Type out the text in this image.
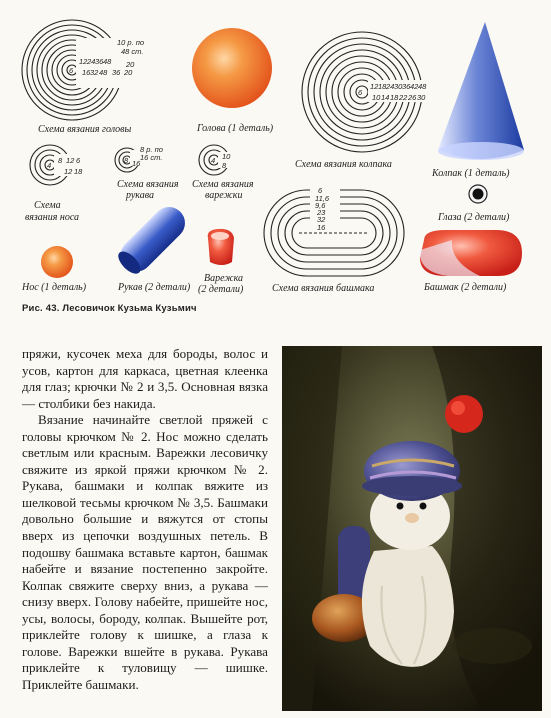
6
12 24 36 48
16 32 48 36 20
20
10 р. по
48 ст.
Схема вязания головы	Голова (1 деталь)
4
8 12 6
12 18
Схема
вязания носа
8 р. по
16 ст.
8 16
Схема вязания
рукава
4 10
8
Схема вязания
варежки
6
12 18 24 30 36 42 48
10 14 18 22 26 30
Схема вязания колпака
Колпак (1 деталь)
Глаза (2 детали)
Нос (1 деталь)	Рукав (2 детали)
Варежка
(2 детали)
6
11,6
9,6
23
32
16
Схема вязания башмака	Башмак (2 детали)
Рис. 43. Лесовичок Кузьма Кузьмич

пряжи, кусочек меха для бороды, волос и усов, картон для каркаса, цветная клеенка для глаз; крючки № 2 и 3,5. Основная вязка — столбики без накида.

Вязание начинайте светлой пряжей с головы крючком № 2. Нос можно сделать светлым или красным. Варежки лесовичку свяжите из яркой пряжи крючком № 2. Рукава, башмаки и колпак вяжите из шелковой тесьмы крючком № 3,5. Башмаки довольно большие и вяжутся от стопы вверх из цепочки воздушных петель. В подошву башмака вставьте картон, башмак набейте и вязание постепенно закройте. Колпак свяжите сверху вниз, а рукава — снизу вверх. Голову набейте, пришейте нос, усы, волосы, бороду, колпак. Вышейте рот, приклейте голову к шишке, а глаза к голове. Варежки вшейте в рукава. Рукава приклейте к туловищу — шишке. Приклейте башмаки.
